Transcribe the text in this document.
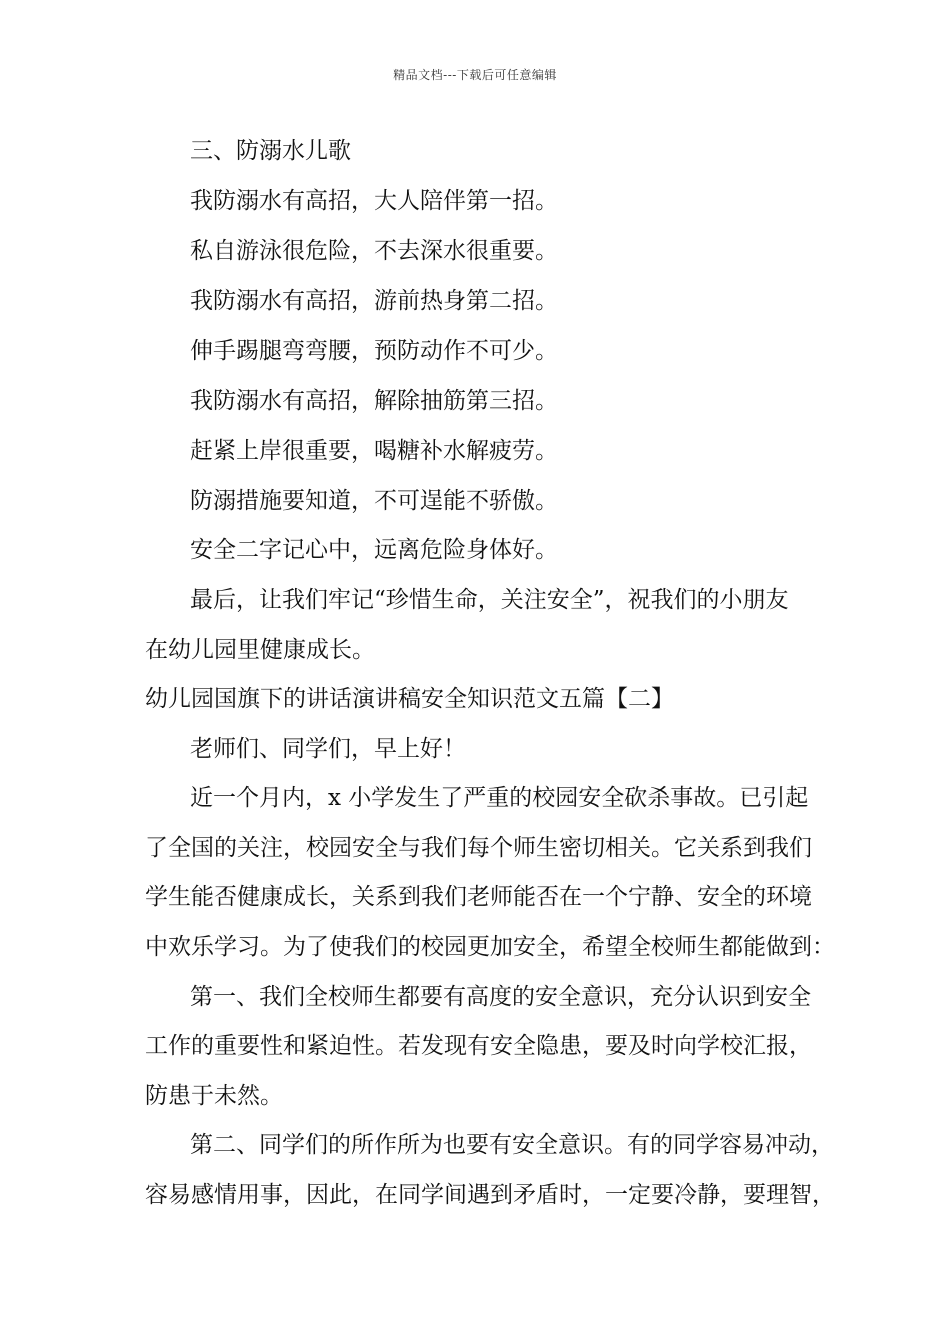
精品文档---下载后可任意编辑
三、防溺水儿歌
我防溺水有高招，大人陪伴第一招。
私自游泳很危险，不去深水很重要。
我防溺水有高招，游前热身第二招。
伸手踢腿弯弯腰，预防动作不可少。
我防溺水有高招，解除抽筋第三招。
赶紧上岸很重要，喝糖补水解疲劳。
防溺措施要知道，不可逞能不骄傲。
安全二字记心中，远离危险身体好。
最后，让我们牢记“珍惜生命，关注安全”，祝我们的小朋友
在幼儿园里健康成长。
幼儿园国旗下的讲话演讲稿安全知识范文五篇【二】
老师们、同学们，早上好！
近一个月内，x 小学发生了严重的校园安全砍杀事故。已引起
了全国的关注，校园安全与我们每个师生密切相关。它关系到我们
学生能否健康成长，关系到我们老师能否在一个宁静、安全的环境
中欢乐学习。为了使我们的校园更加安全，希望全校师生都能做到：
第一、我们全校师生都要有高度的安全意识，充分认识到安全
工作的重要性和紧迫性。若发现有安全隐患，要及时向学校汇报，
防患于未然。
第二、同学们的所作所为也要有安全意识。有的同学容易冲动，
容易感情用事，因此，在同学间遇到矛盾时，一定要冷静，要理智，
